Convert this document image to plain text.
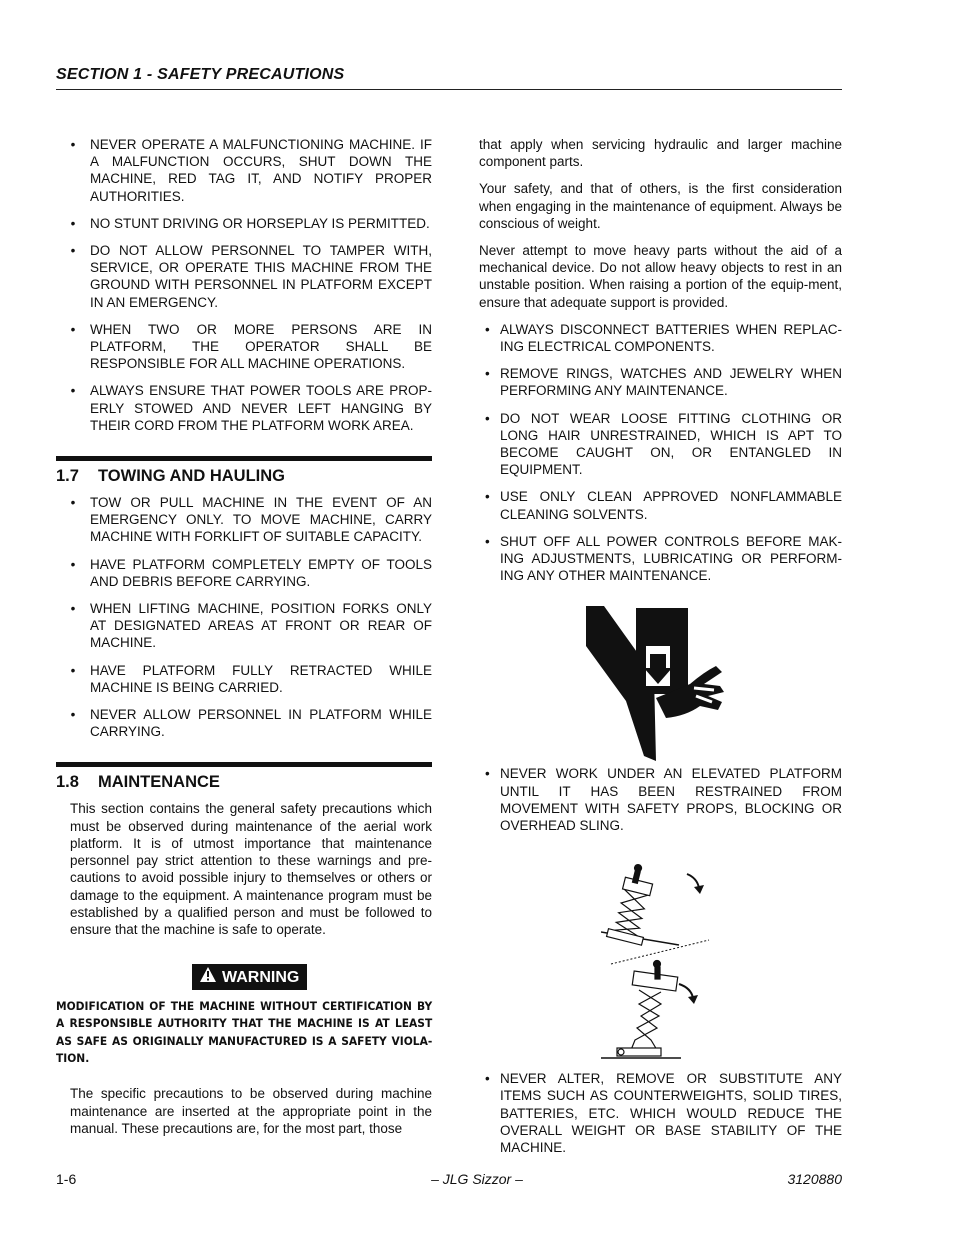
SECTION 1 - SAFETY PRECAUTIONS
•	NEVER OPERATE A MALFUNCTIONING MACHINE. IF A MALFUNCTION OCCURS, SHUT DOWN THE MACHINE, RED TAG IT, AND NOTIFY PROPER AUTHORITIES.
•	NO STUNT DRIVING OR HORSEPLAY IS PERMITTED.
•	DO NOT ALLOW PERSONNEL TO TAMPER WITH, SERVICE, OR OPERATE THIS MACHINE FROM THE GROUND WITH PERSONNEL IN PLATFORM EXCEPT IN AN EMERGENCY.
•	WHEN TWO OR MORE PERSONS ARE IN PLATFORM, THE OPERATOR SHALL BE RESPONSIBLE FOR ALL MACHINE OPERATIONS.
•	ALWAYS ENSURE THAT POWER TOOLS ARE PROP-ERLY STOWED AND NEVER LEFT HANGING BY THEIR CORD FROM THE PLATFORM WORK AREA.
1.7 TOWING AND HAULING
•	TOW OR PULL MACHINE IN THE EVENT OF AN EMERGENCY ONLY. TO MOVE MACHINE, CARRY MACHINE WITH FORKLIFT OF SUITABLE CAPACITY.
•	HAVE PLATFORM COMPLETELY EMPTY OF TOOLS AND DEBRIS BEFORE CARRYING.
•	WHEN LIFTING MACHINE, POSITION FORKS ONLY AT DESIGNATED AREAS AT FRONT OR REAR OF MACHINE.
•	HAVE PLATFORM FULLY RETRACTED WHILE MACHINE IS BEING CARRIED.
•	NEVER ALLOW PERSONNEL IN PLATFORM WHILE CARRYING.
1.8 MAINTENANCE
This section contains the general safety precautions which must be observed during maintenance of the aerial work platform. It is of utmost importance that maintenance personnel pay strict attention to these warnings and pre-cautions to avoid possible injury to themselves or others or damage to the equipment. A maintenance program must be established by a qualified person and must be followed to ensure that the machine is safe to operate.
WARNING
MODIFICATION OF THE MACHINE WITHOUT CERTIFICATION BY A RESPONSIBLE AUTHORITY THAT THE MACHINE IS AT LEAST AS SAFE AS ORIGINALLY MANUFACTURED IS A SAFETY VIOLA-TION.
The specific precautions to be observed during machine maintenance are inserted at the appropriate point in the manual. These precautions are, for the most part, those
that apply when servicing hydraulic and larger machine component parts.
Your safety, and that of others, is the first consideration when engaging in the maintenance of equipment. Always be conscious of weight.
Never attempt to move heavy parts without the aid of a mechanical device. Do not allow heavy objects to rest in an unstable position. When raising a portion of the equip-ment, ensure that adequate support is provided.
• ALWAYS DISCONNECT BATTERIES WHEN REPLAC-ING ELECTRICAL COMPONENTS.
• REMOVE RINGS, WATCHES AND JEWELRY WHEN PERFORMING ANY MAINTENANCE.
• DO NOT WEAR LOOSE FITTING CLOTHING OR LONG HAIR UNRESTRAINED, WHICH IS APT TO BECOME CAUGHT ON, OR ENTANGLED IN EQUIPMENT.
• USE ONLY CLEAN APPROVED NONFLAMMABLE CLEANING SOLVENTS.
• SHUT OFF ALL POWER CONTROLS BEFORE MAK-ING ADJUSTMENTS, LUBRICATING OR PERFORM-ING ANY OTHER MAINTENANCE.
• NEVER WORK UNDER AN ELEVATED PLATFORM UNTIL IT HAS BEEN RESTRAINED FROM MOVEMENT WITH SAFETY PROPS, BLOCKING OR OVERHEAD SLING.
• NEVER ALTER, REMOVE OR SUBSTITUTE ANY ITEMS SUCH AS COUNTERWEIGHTS, SOLID TIRES, BATTERIES, ETC. WHICH WOULD REDUCE THE OVERALL WEIGHT OR BASE STABILITY OF THE MACHINE.
1-6	– JLG Sizzor –	3120880
